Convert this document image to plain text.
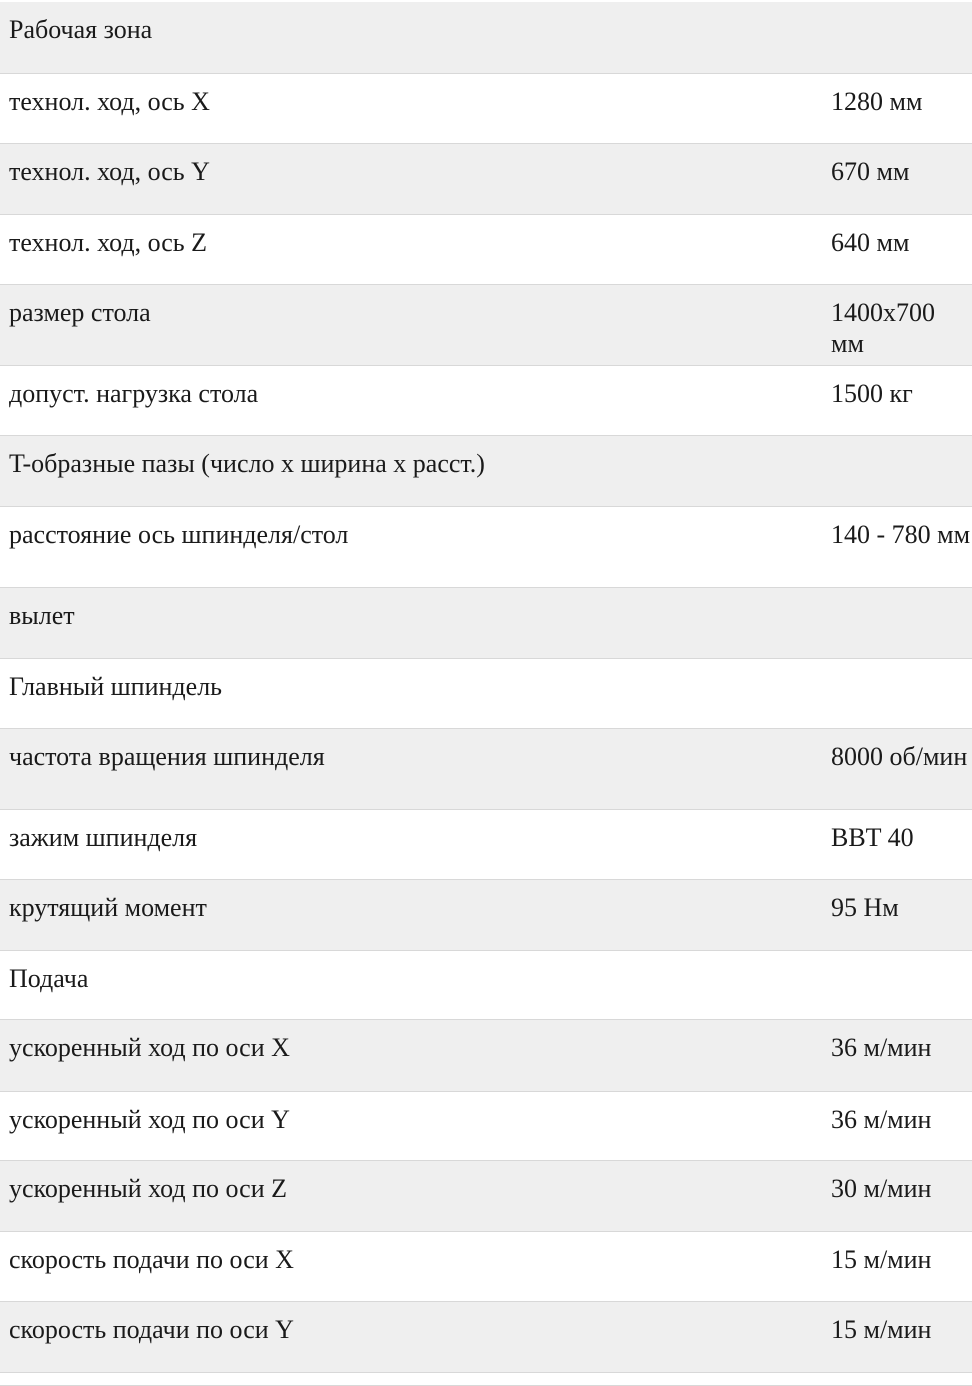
Рабочая зона	
технол. ход, ось X	1280 мм
технол. ход, ось Y	670 мм
технол. ход, ось Z	640 мм
размер стола	1400x700 мм
допуст. нагрузка стола	1500 кг
T-образные пазы (число x ширина x расст.)	
расстояние ось шпинделя/стол	140 - 780 мм
вылет	
Главный шпиндель	
частота вращения шпинделя	8000 об/мин
зажим шпинделя	BBT 40
крутящий момент	95 Нм
Подача	
ускоренный ход по оси X	36 м/мин
ускоренный ход по оси Y	36 м/мин
ускоренный ход по оси Z	30 м/мин
скорость подачи по оси X	15 м/мин
скорость подачи по оси Y	15 м/мин
